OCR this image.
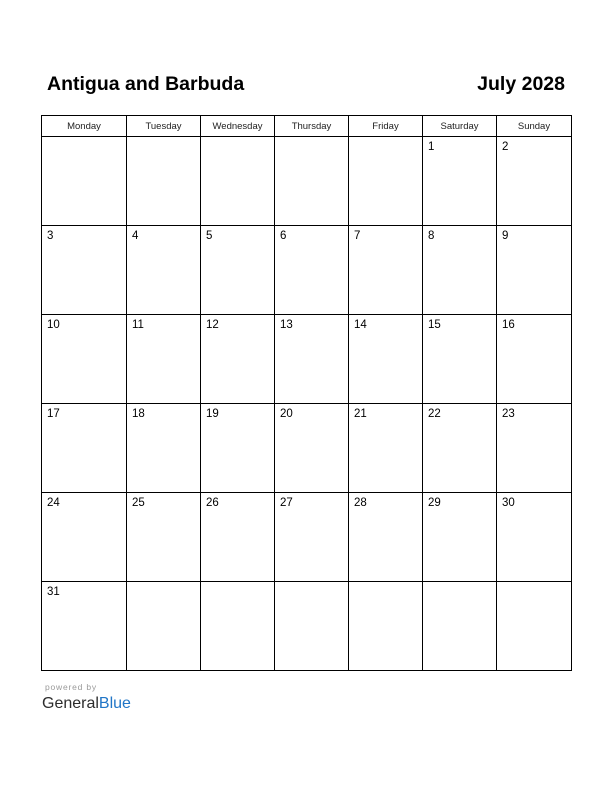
Antigua and Barbuda	July 2028
Monday	Tuesday	Wednesday	Thursday	Friday	Saturday	Sunday

					1	2

3	4	5	6	7	8	9

10	11	12	13	14	15	16

17	18	19	20	21	22	23

24	25	26	27	28	29	30

31						

powered by
GeneralBlue
